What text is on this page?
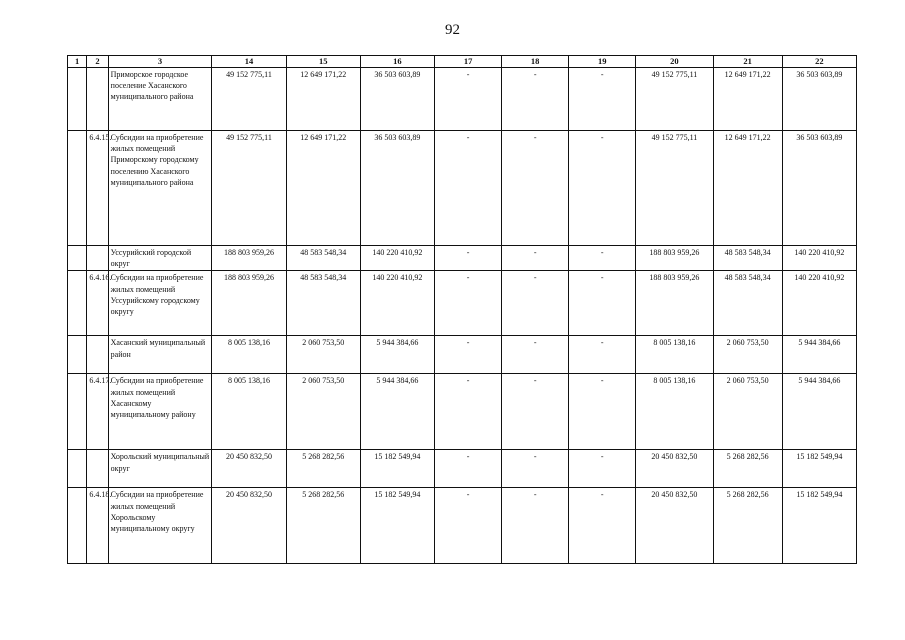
92
1	2	3	14	15	16	17	18	19	20	21	22
		Приморское городское поселение Хасанского муниципального района	49 152 775,11	12 649 171,22	36 503 603,89	-	-	-	49 152 775,11	12 649 171,22	36 503 603,89
	6.4.15.	Субсидии на приобретение жилых помещений Приморскому городскому поселению Хасанского муниципального района	49 152 775,11	12 649 171,22	36 503 603,89	-	-	-	49 152 775,11	12 649 171,22	36 503 603,89
		Уссурийский городской округ	188 803 959,26	48 583 548,34	140 220 410,92	-	-	-	188 803 959,26	48 583 548,34	140 220 410,92
	6.4.16.	Субсидии на приобретение жилых помещений Уссурийскому городскому округу	188 803 959,26	48 583 548,34	140 220 410,92	-	-	-	188 803 959,26	48 583 548,34	140 220 410,92
		Хасанский муниципальный район	8 005 138,16	2 060 753,50	5 944 384,66	-	-	-	8 005 138,16	2 060 753,50	5 944 384,66
	6.4.17.	Субсидии на приобретение жилых помещений Хасанскому муниципальному району	8 005 138,16	2 060 753,50	5 944 384,66	-	-	-	8 005 138,16	2 060 753,50	5 944 384,66
		Хорольский муниципальный округ	20 450 832,50	5 268 282,56	15 182 549,94	-	-	-	20 450 832,50	5 268 282,56	15 182 549,94
	6.4.18.	Субсидии на приобретение жилых помещений Хорольскому муниципальному округу	20 450 832,50	5 268 282,56	15 182 549,94	-	-	-	20 450 832,50	5 268 282,56	15 182 549,94
